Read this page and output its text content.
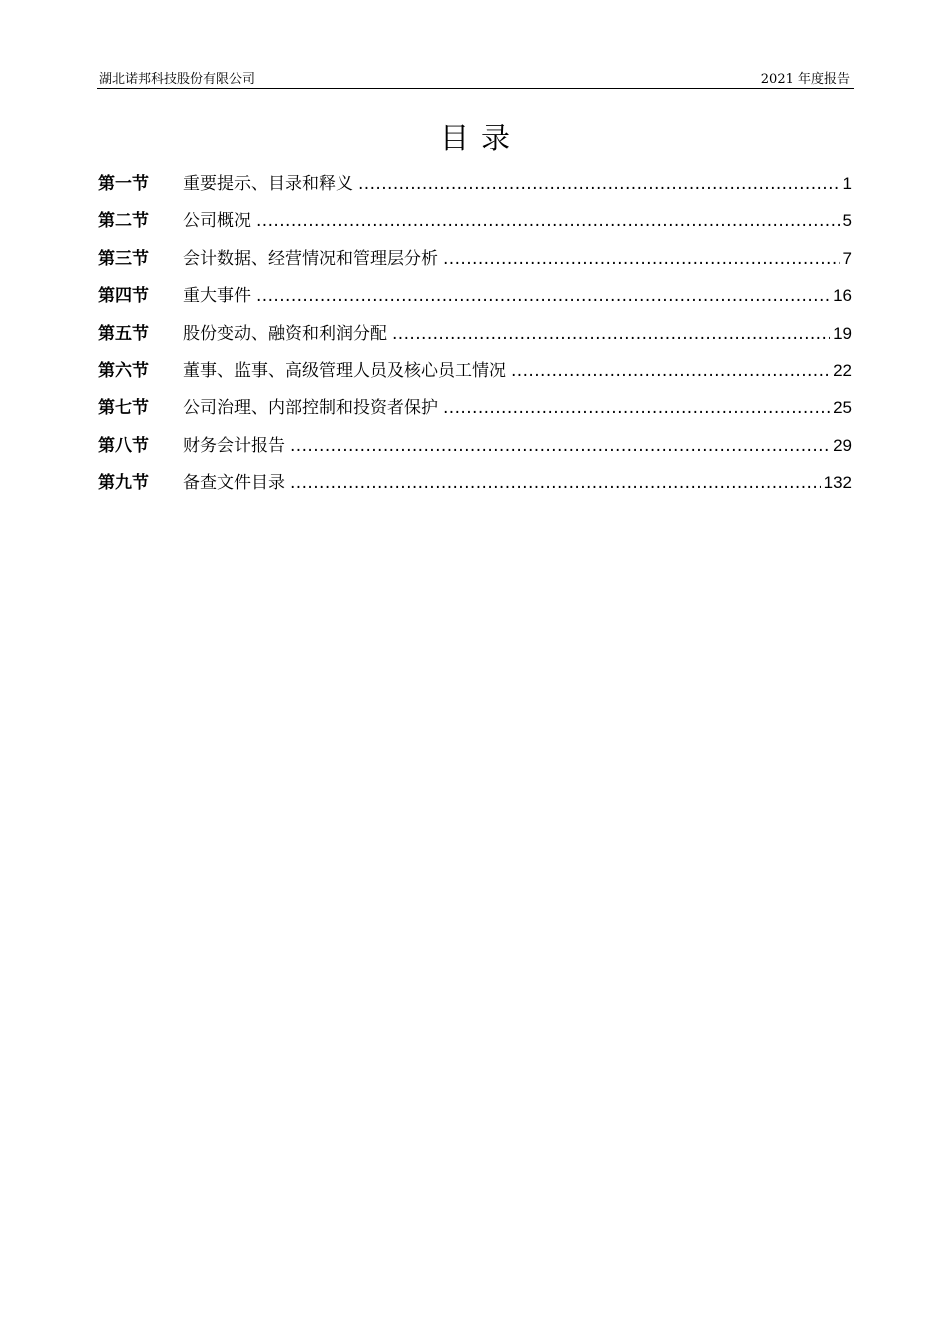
湖北诺邦科技股份有限公司	2021 年度报告
目录
第一节	重要提示、目录和释义 .....	1
第二节	公司概况 .....	5
第三节	会计数据、经营情况和管理层分析 .....	7
第四节	重大事件 .....	16
第五节	股份变动、融资和利润分配 .....	19
第六节	董事、监事、高级管理人员及核心员工情况 .....	22
第七节	公司治理、内部控制和投资者保护 .....	25
第八节	财务会计报告 .....	29
第九节	备查文件目录 .....	132
